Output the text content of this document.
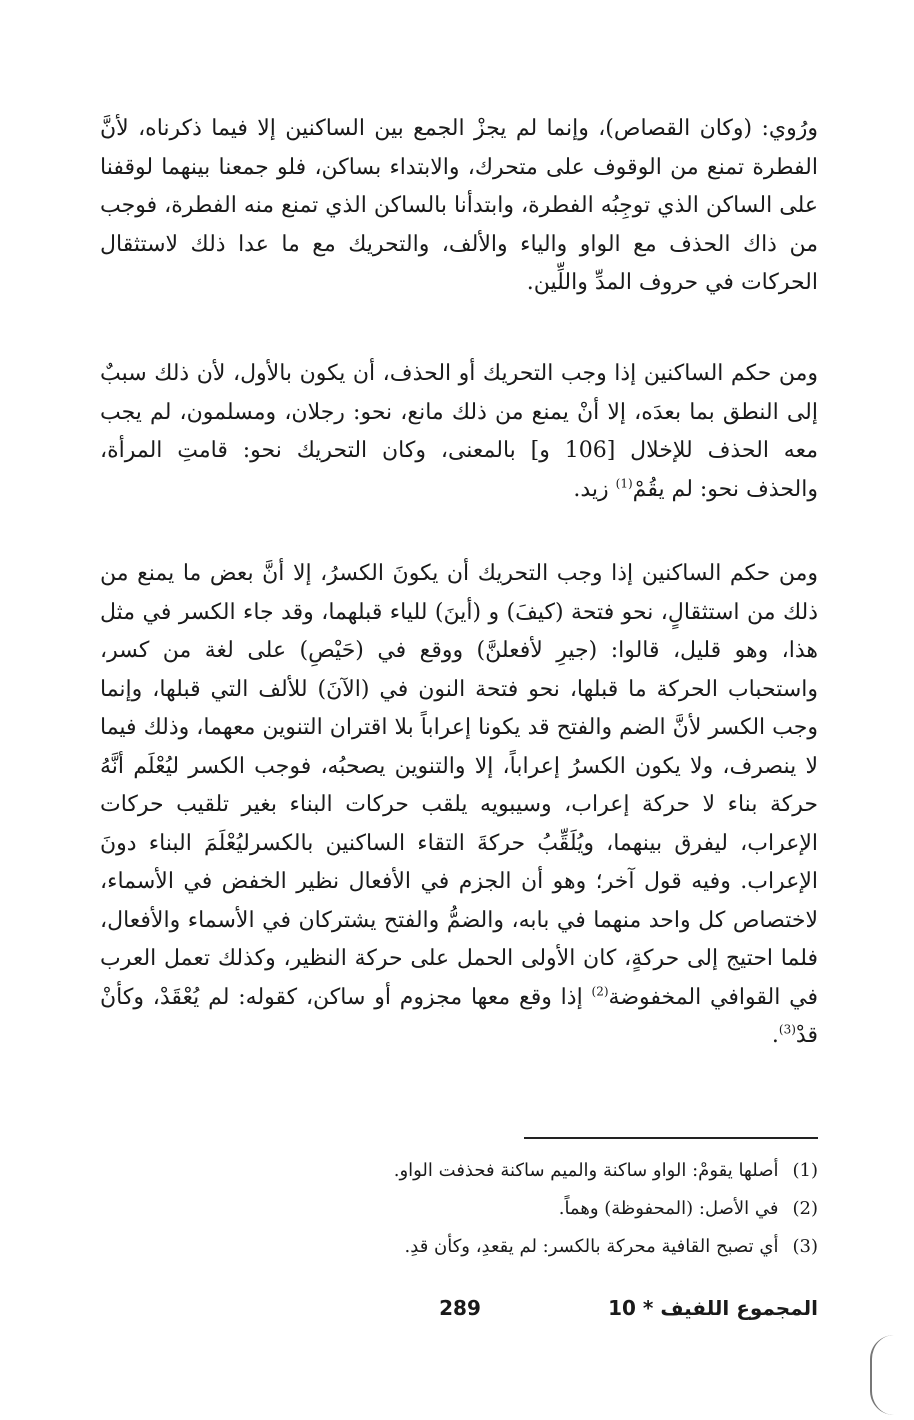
ورُوي: (وكان القصاص)، وإنما لم يجزْ الجمع بين الساكنين إلا فيما ذكرناه، لأنَّ الفطرة تمنع من الوقوف على متحرك، والابتداء بساكن، فلو جمعنا بينهما لوقفنا على الساكن الذي توجِبُه الفطرة، وابتدأنا بالساكن الذي تمنع منه الفطرة، فوجب من ذاك الحذف مع الواو والياء والألف، والتحريك مع ما عدا ذلك لاستثقال الحركات في حروف المدِّ واللِّين.
ومن حكم الساكنين إذا وجب التحريك أو الحذف، أن يكون بالأول، لأن ذلك سببٌ إلى النطق بما بعدَه، إلا أنْ يمنع من ذلك مانع، نحو: رجلان، ومسلمون، لم يجب معه الحذف للإخلال [106 و] بالمعنى، وكان التحريك نحو: قامتِ المرأة، والحذف نحو: لم يقُمْ$^{(1)}$ زيد.
ومن حكم الساكنين إذا وجب التحريك أن يكونَ الكسرُ، إلا أنَّ بعض ما يمنع من ذلك من استثقالٍ، نحو فتحة (كيفَ) و (أينَ) للياء قبلهما، وقد جاء الكسر في مثل هذا، وهو قليل، قالوا: (جيرِ لأفعلنَّ) ووقع في (حَيْصِ) على لغة من كسر، واستحباب الحركة ما قبلها، نحو فتحة النون في (الآنَ) للألف التي قبلها، وإنما وجب الكسر لأنَّ الضم والفتح قد يكونا إعراباً بلا اقتران التنوين معهما، وذلك فيما لا ينصرف، ولا يكون الكسرُ إعراباً، إلا والتنوين يصحبُه، فوجب الكسر ليُعْلَم أنَّهُ حركة بناء لا حركة إعراب، وسيبويه يلقب حركات البناء بغير تلقيب حركات الإعراب، ليفرق بينهما، ويُلَقِّبُ حركةَ التقاء الساكنين بالكسرليُعْلَمَ البناء دونَ الإعراب. وفيه قول آخر؛ وهو أن الجزم في الأفعال نظير الخفض في الأسماء، لاختصاص كل واحد منهما في بابه، والضمُّ والفتح يشتركان في الأسماء والأفعال، فلما احتيج إلى حركةٍ، كان الأولى الحمل على حركة النظير، وكذلك تعمل العرب في القوافي المخفوضة$^{(2)}$ إذا وقع معها مجزوم أو ساكن، كقوله: لم يُعْقَدْ، وكأنْ قدْ$^{(3)}$.
(1)أصلها يقومْ: الواو ساكنة والميم ساكنة فحذفت الواو.
(2)في الأصل: (المحفوظة) وهماً.
(3)أي تصبح القافية محركة بالكسر: لم يقعدِ، وكأن قدِ.
289	المجموع اللفيف * 10
